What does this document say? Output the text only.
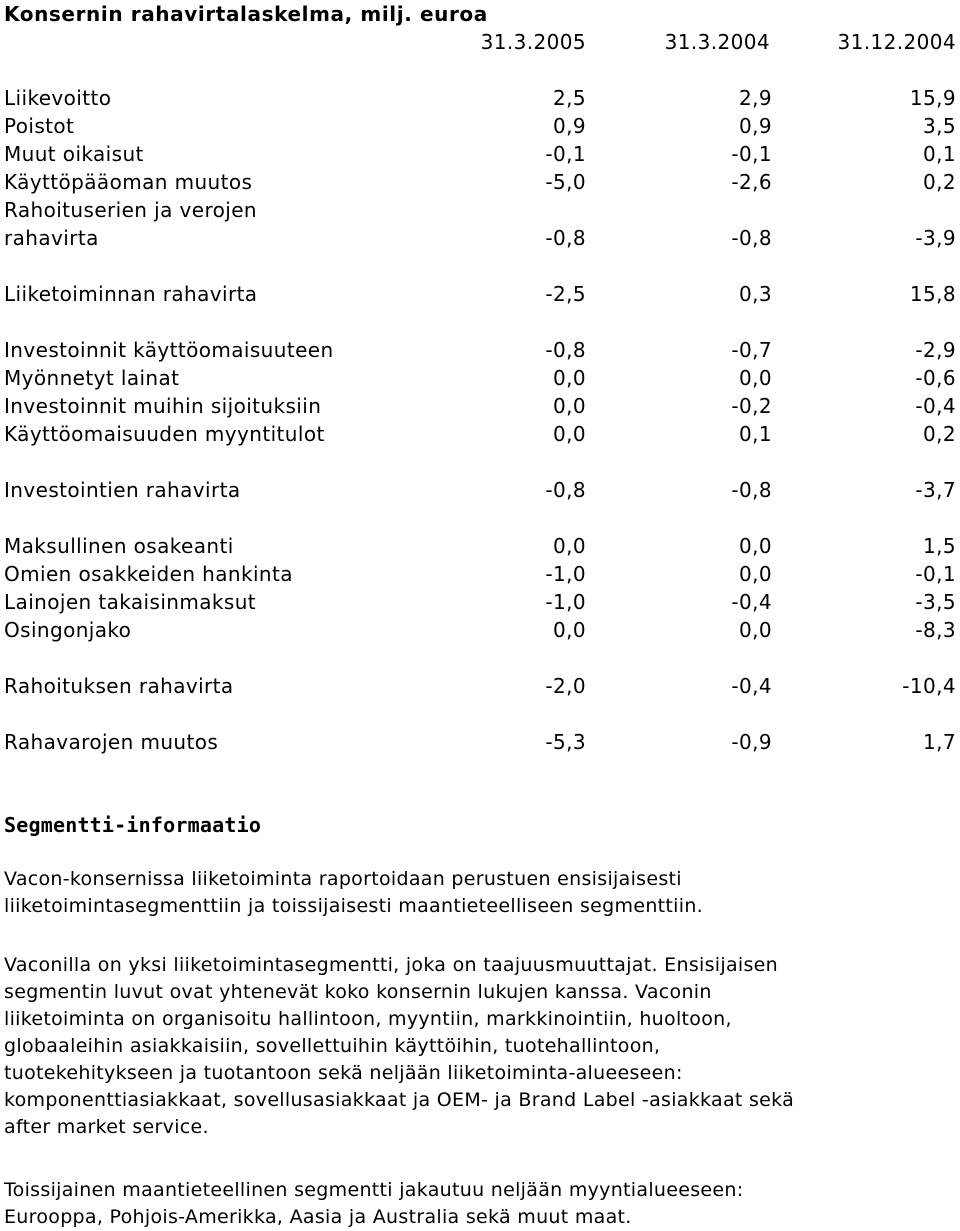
Konsernin rahavirtalaskelma, milj. euroa
31.3.2005	31.3.2004	31.12.2004
Liikevoitto	2,5	2,9	15,9
Poistot	0,9	0,9	3,5
Muut oikaisut	-0,1	-0,1	0,1
Käyttöpääoman muutos	-5,0	-2,6	0,2
Rahoituserien ja verojen
rahavirta	-0,8	-0,8	-3,9
Liiketoiminnan rahavirta	-2,5	0,3	15,8
Investoinnit käyttöomaisuuteen	-0,8	-0,7	-2,9
Myönnetyt lainat	0,0	0,0	-0,6
Investoinnit muihin sijoituksiin	0,0	-0,2	-0,4
Käyttöomaisuuden myyntitulot	0,0	0,1	0,2
Investointien rahavirta	-0,8	-0,8	-3,7
Maksullinen osakeanti	0,0	0,0	1,5
Omien osakkeiden hankinta	-1,0	0,0	-0,1
Lainojen takaisinmaksut	-1,0	-0,4	-3,5
Osingonjako	0,0	0,0	-8,3
Rahoituksen rahavirta	-2,0	-0,4	-10,4
Rahavarojen muutos	-5,3	-0,9	1,7
Segmentti-informaatio
Vacon-konsernissa liiketoiminta raportoidaan perustuen ensisijaisesti
liiketoimintasegmenttiin ja toissijaisesti maantieteelliseen segmenttiin.
Vaconilla on yksi liiketoimintasegmentti, joka on taajuusmuuttajat. Ensisijaisen
segmentin luvut ovat yhtenevät koko konsernin lukujen kanssa. Vaconin
liiketoiminta on organisoitu hallintoon, myyntiin, markkinointiin, huoltoon,
globaaleihin asiakkaisiin, sovellettuihin käyttöihin, tuotehallintoon,
tuotekehitykseen ja tuotantoon sekä neljään liiketoiminta-alueeseen:
komponenttiasiakkaat, sovellusasiakkaat ja OEM- ja Brand Label -asiakkaat sekä
after market service.
Toissijainen maantieteellinen segmentti jakautuu neljään myyntialueeseen:
Eurooppa, Pohjois-Amerikka, Aasia ja Australia sekä muut maat.
